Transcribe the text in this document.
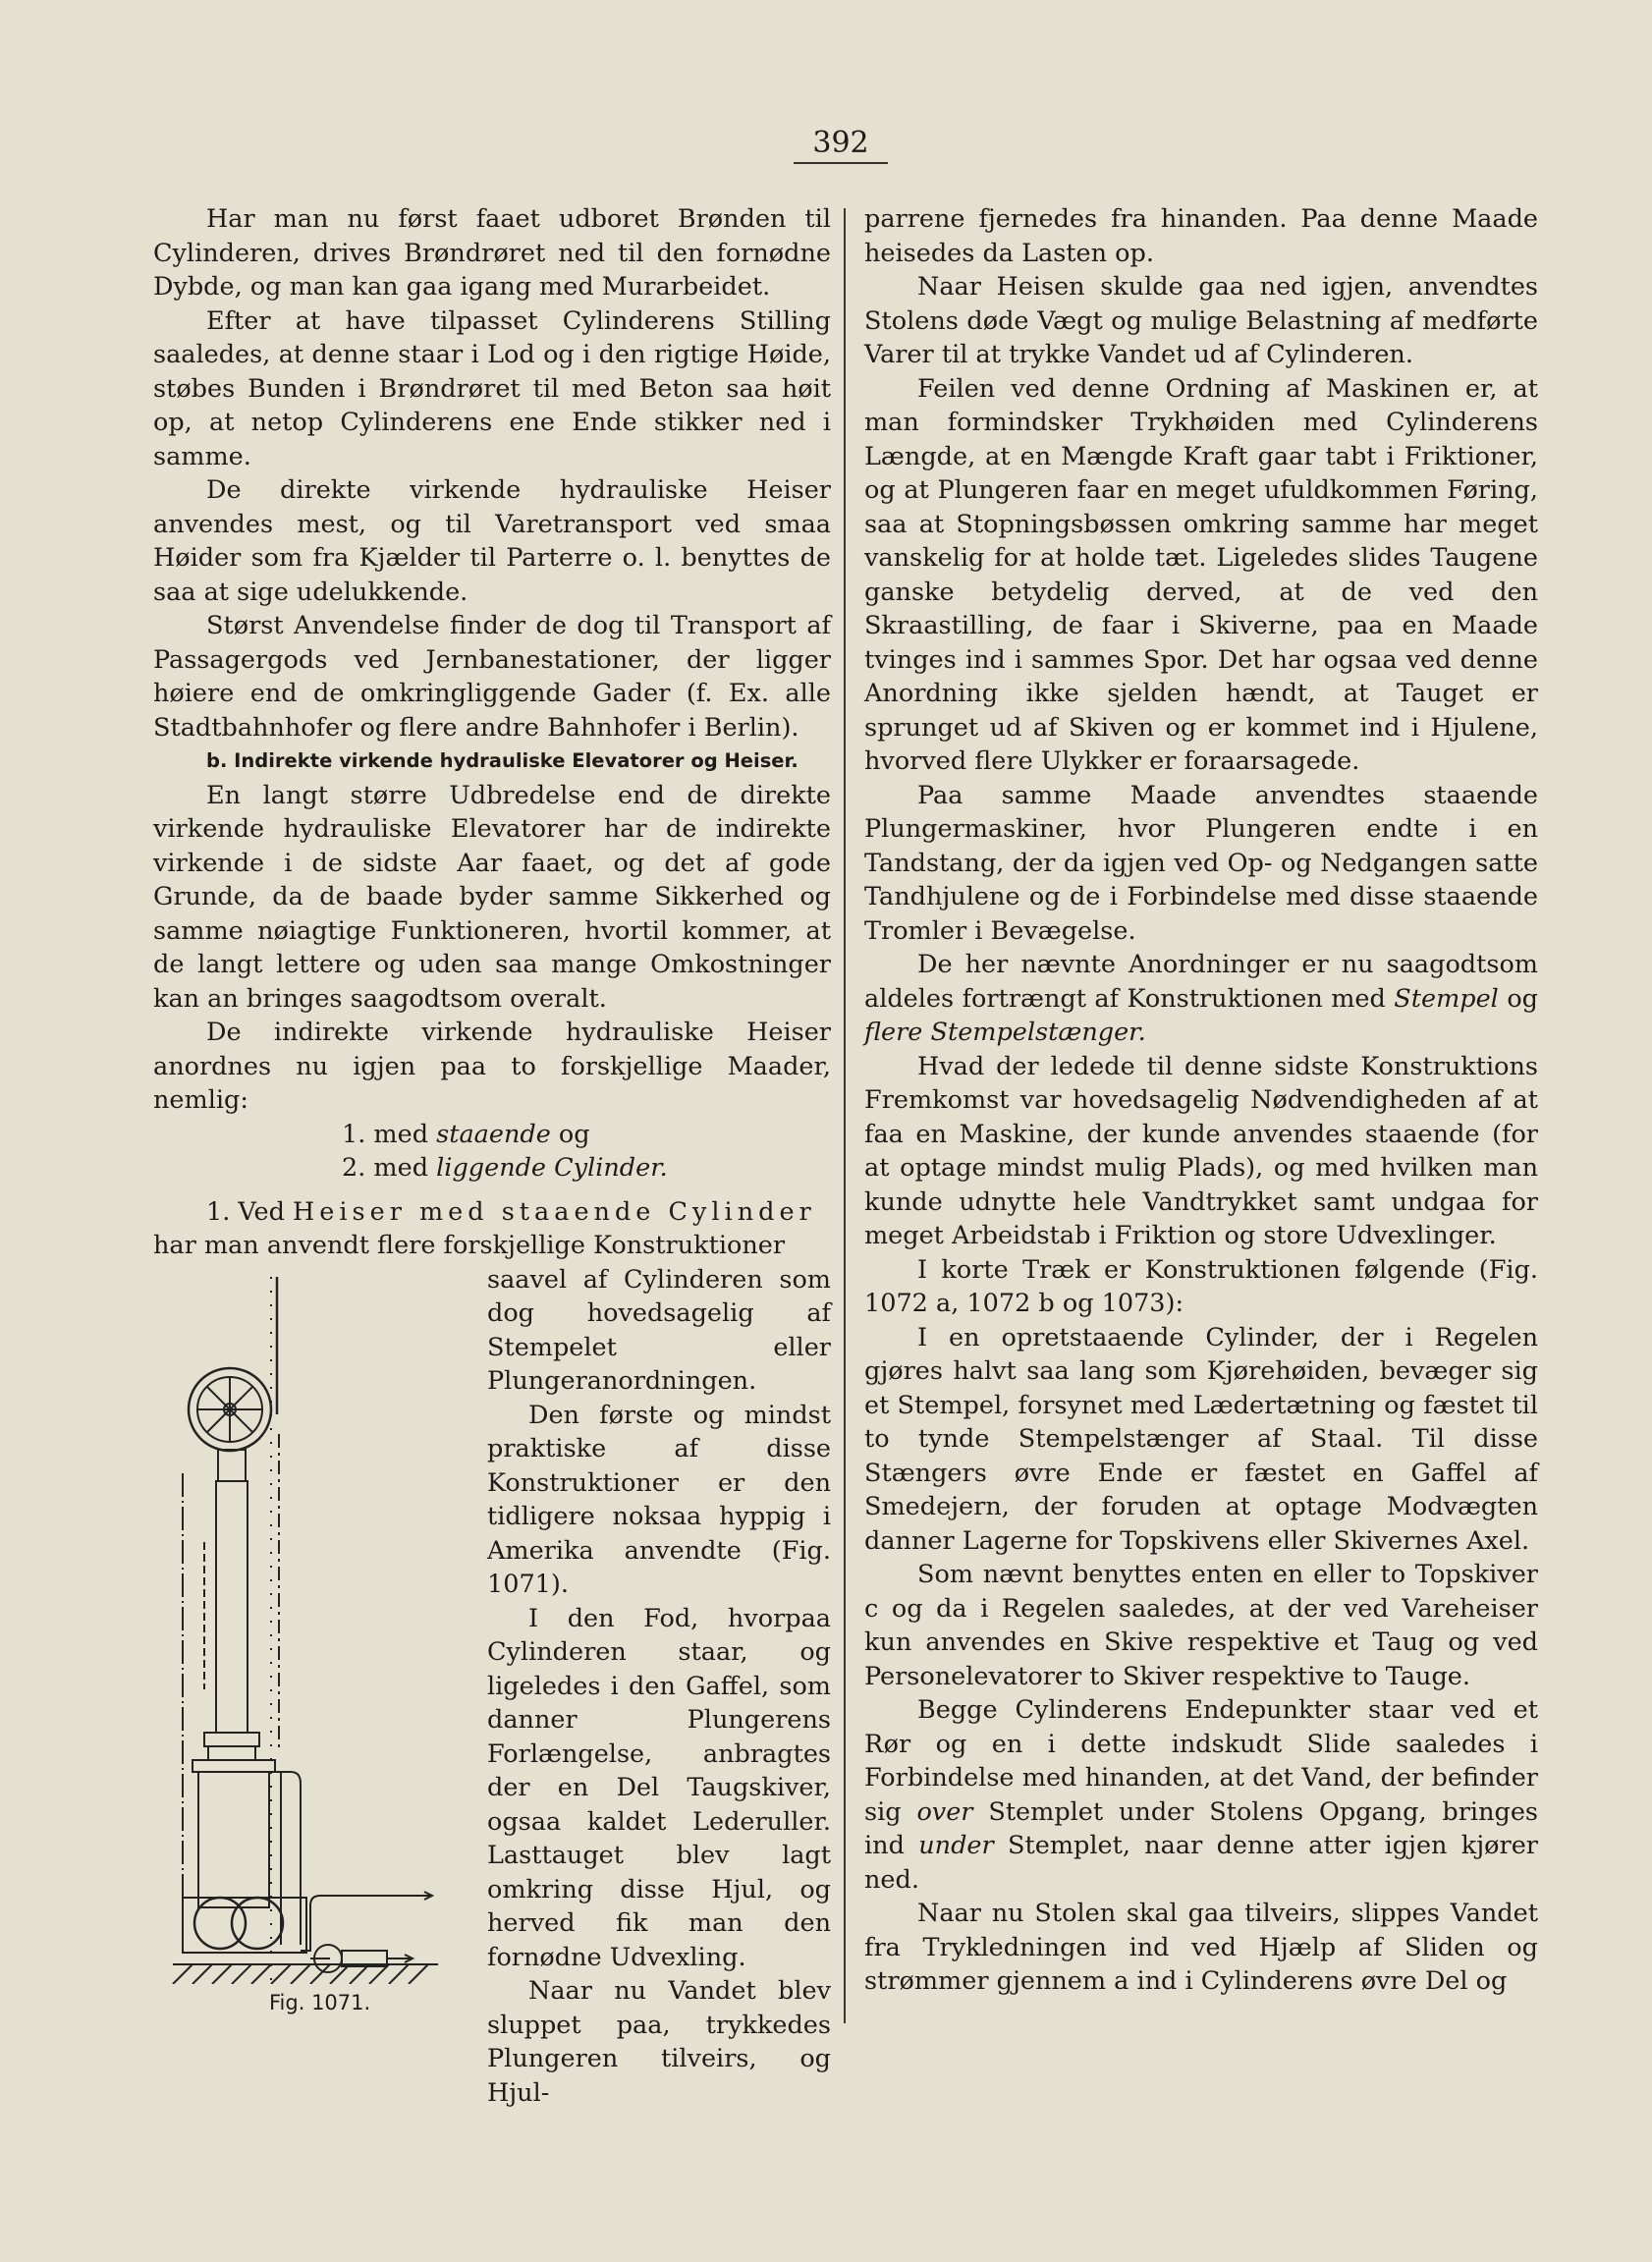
392

Har man nu først faaet udboret Brønden til Cylinderen, drives Brøndrøret ned til den fornødne Dybde, og man kan gaa igang med Murarbeidet.

Efter at have tilpasset Cylinderens Stilling saaledes, at denne staar i Lod og i den rigtige Høide, støbes Bunden i Brøndrøret til med Beton saa høit op, at netop Cylinderens ene Ende stikker ned i samme.

De direkte virkende hydrauliske Heiser anvendes mest, og til Varetransport ved smaa Høider som fra Kjælder til Parterre o. l. benyttes de saa at sige udelukkende.

Størst Anvendelse finder de dog til Transport af Passagergods ved Jernbanestationer, der ligger høiere end de omkringliggende Gader (f. Ex. alle Stadtbahnhofer og flere andre Bahnhofer i Berlin).

b. Indirekte virkende hydrauliske Elevatorer og Heiser.

En langt større Udbredelse end de direkte virkende hydrauliske Elevatorer har de indirekte virkende i de sidste Aar faaet, og det af gode Grunde, da de baade byder samme Sikkerhed og samme nøiagtige Funktioneren, hvortil kommer, at de langt lettere og uden saa mange Omkostninger kan an bringes saagodtsom overalt.

De indirekte virkende hydrauliske Heiser anordnes nu igjen paa to forskjellige Maader, nemlig:

1. med staaende og

2. med liggende Cylinder.

1. Ved Heiser med staaende Cylinder

har man anvendt flere forskjellige Konstruktioner

Fig. 1071.

saavel af Cylinderen som dog hovedsagelig af Stempelet eller Plungeranordningen.

Den første og mindst praktiske af disse Konstruktioner er den tidligere noksaa hyppig i Amerika anvendte (Fig. 1071).

I den Fod, hvorpaa Cylinderen staar, og ligeledes i den Gaffel, som danner Plungerens Forlængelse, anbragtes der en Del Taugskiver, ogsaa kaldet Lederuller. Lasttauget blev lagt omkring disse Hjul, og herved fik man den fornødne Udvexling.

Naar nu Vandet blev sluppet paa, trykkedes Plungeren tilveirs, og Hjul-

parrene fjernedes fra hinanden. Paa denne Maade heisedes da Lasten op.

Naar Heisen skulde gaa ned igjen, anvendtes Stolens døde Vægt og mulige Belastning af medførte Varer til at trykke Vandet ud af Cylinderen.

Feilen ved denne Ordning af Maskinen er, at man formindsker Trykhøiden med Cylinderens Længde, at en Mængde Kraft gaar tabt i Friktioner, og at Plungeren faar en meget ufuldkommen Føring, saa at Stopningsbøssen omkring samme har meget vanskelig for at holde tæt. Ligeledes slides Taugene ganske betydelig derved, at de ved den Skraastilling, de faar i Skiverne, paa en Maade tvinges ind i sammes Spor. Det har ogsaa ved denne Anordning ikke sjelden hændt, at Tauget er sprunget ud af Skiven og er kommet ind i Hjulene, hvorved flere Ulykker er foraarsagede.

Paa samme Maade anvendtes staaende Plungermaskiner, hvor Plungeren endte i en Tandstang, der da igjen ved Op- og Nedgangen satte Tandhjulene og de i Forbindelse med disse staaende Tromler i Bevægelse.

De her nævnte Anordninger er nu saagodtsom aldeles fortrængt af Konstruktionen med Stempel og flere Stempelstænger.

Hvad der ledede til denne sidste Konstruktions Fremkomst var hovedsagelig Nødvendigheden af at faa en Maskine, der kunde anvendes staaende (for at optage mindst mulig Plads), og med hvilken man kunde udnytte hele Vandtrykket samt undgaa for meget Arbeidstab i Friktion og store Udvexlinger.

I korte Træk er Konstruktionen følgende (Fig. 1072 a, 1072 b og 1073):

I en opretstaaende Cylinder, der i Regelen gjøres halvt saa lang som Kjørehøiden, bevæger sig et Stempel, forsynet med Lædertætning og fæstet til to tynde Stempelstænger af Staal. Til disse Stængers øvre Ende er fæstet en Gaffel af Smedejern, der foruden at optage Modvægten danner Lagerne for Topskivens eller Skivernes Axel.

Som nævnt benyttes enten en eller to Topskiver c og da i Regelen saaledes, at der ved Vareheiser kun anvendes en Skive respektive et Taug og ved Personelevatorer to Skiver respektive to Tauge.

Begge Cylinderens Endepunkter staar ved et Rør og en i dette indskudt Slide saaledes i Forbindelse med hinanden, at det Vand, der befinder sig over Stemplet under Stolens Opgang, bringes ind under Stemplet, naar denne atter igjen kjører ned.

Naar nu Stolen skal gaa tilveirs, slippes Vandet fra Trykledningen ind ved Hjælp af Sliden og strømmer gjennem a ind i Cylinderens øvre Del og
